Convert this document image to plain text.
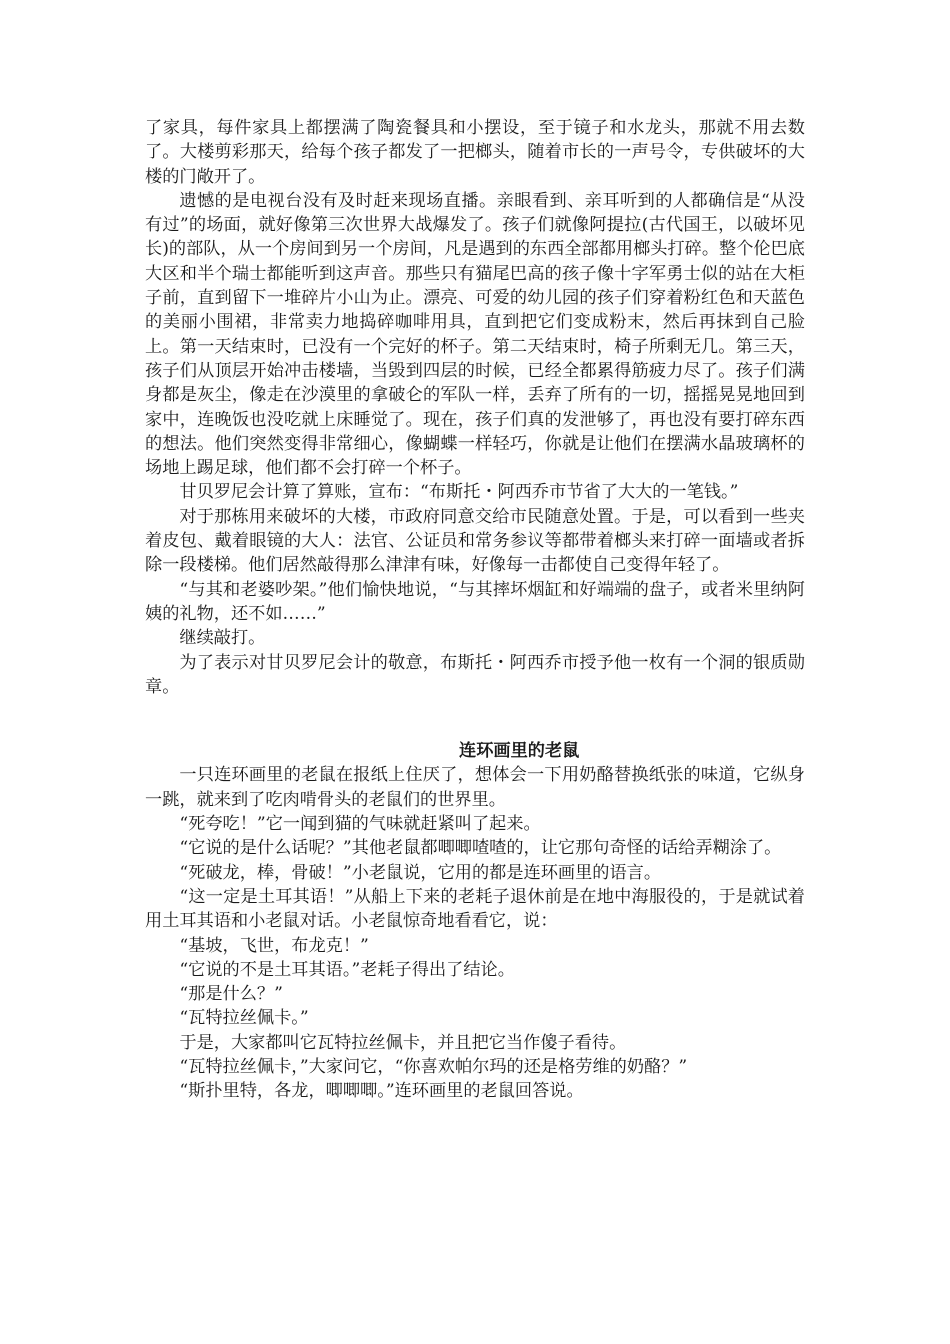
了家具，每件家具上都摆满了陶瓷餐具和小摆设，至于镜子和水龙头，那就不用去数了。大楼剪彩那天，给每个孩子都发了一把榔头，随着市长的一声号令，专供破坏的大楼的门敞开了。

遗憾的是电视台没有及时赶来现场直播。亲眼看到、亲耳听到的人都确信是“从没有过”的场面，就好像第三次世界大战爆发了。孩子们就像阿提拉(古代国王，以破坏见长)的部队，从一个房间到另一个房间，凡是遇到的东西全部都用榔头打碎。整个伦巴底大区和半个瑞士都能听到这声音。那些只有猫尾巴高的孩子像十字军勇士似的站在大柜子前，直到留下一堆碎片小山为止。漂亮、可爱的幼儿园的孩子们穿着粉红色和天蓝色的美丽小围裙，非常卖力地捣碎咖啡用具，直到把它们变成粉末，然后再抹到自己脸上。第一天结束时，已没有一个完好的杯子。第二天结束时，椅子所剩无几。第三天，孩子们从顶层开始冲击楼墙，当毁到四层的时候，已经全都累得筋疲力尽了。孩子们满身都是灰尘，像走在沙漠里的拿破仑的军队一样，丢弃了所有的一切，摇摇晃晃地回到家中，连晚饭也没吃就上床睡觉了。现在，孩子们真的发泄够了，再也没有要打碎东西的想法。他们突然变得非常细心，像蝴蝶一样轻巧，你就是让他们在摆满水晶玻璃杯的场地上踢足球，他们都不会打碎一个杯子。

甘贝罗尼会计算了算账，宣布：“布斯托・阿西乔市节省了大大的一笔钱。”

对于那栋用来破坏的大楼，市政府同意交给市民随意处置。于是，可以看到一些夹着皮包、戴着眼镜的大人：法官、公证员和常务参议等都带着榔头来打碎一面墙或者拆除一段楼梯。他们居然敲得那么津津有味，好像每一击都使自己变得年轻了。

“与其和老婆吵架。”他们愉快地说，“与其摔坏烟缸和好端端的盘子，或者米里纳阿姨的礼物，还不如……”

继续敲打。

为了表示对甘贝罗尼会计的敬意，布斯托・阿西乔市授予他一枚有一个洞的银质勋章。

连环画里的老鼠

一只连环画里的老鼠在报纸上住厌了，想体会一下用奶酪替换纸张的味道，它纵身一跳，就来到了吃肉啃骨头的老鼠们的世界里。

“死夸吃！”它一闻到猫的气味就赶紧叫了起来。

“它说的是什么话呢？”其他老鼠都唧唧喳喳的，让它那句奇怪的话给弄糊涂了。

“死破龙，棒，骨破！”小老鼠说，它用的都是连环画里的语言。

“这一定是土耳其语！”从船上下来的老耗子退休前是在地中海服役的，于是就试着用土耳其语和小老鼠对话。小老鼠惊奇地看看它，说：

“基坡，飞世，布龙克！”

“它说的不是土耳其语。”老耗子得出了结论。

“那是什么？”

“瓦特拉丝佩卡。”

于是，大家都叫它瓦特拉丝佩卡，并且把它当作傻子看待。

“瓦特拉丝佩卡，”大家问它，“你喜欢帕尔玛的还是格劳维的奶酪？”

“斯扑里特，各龙，唧唧唧。”连环画里的老鼠回答说。
